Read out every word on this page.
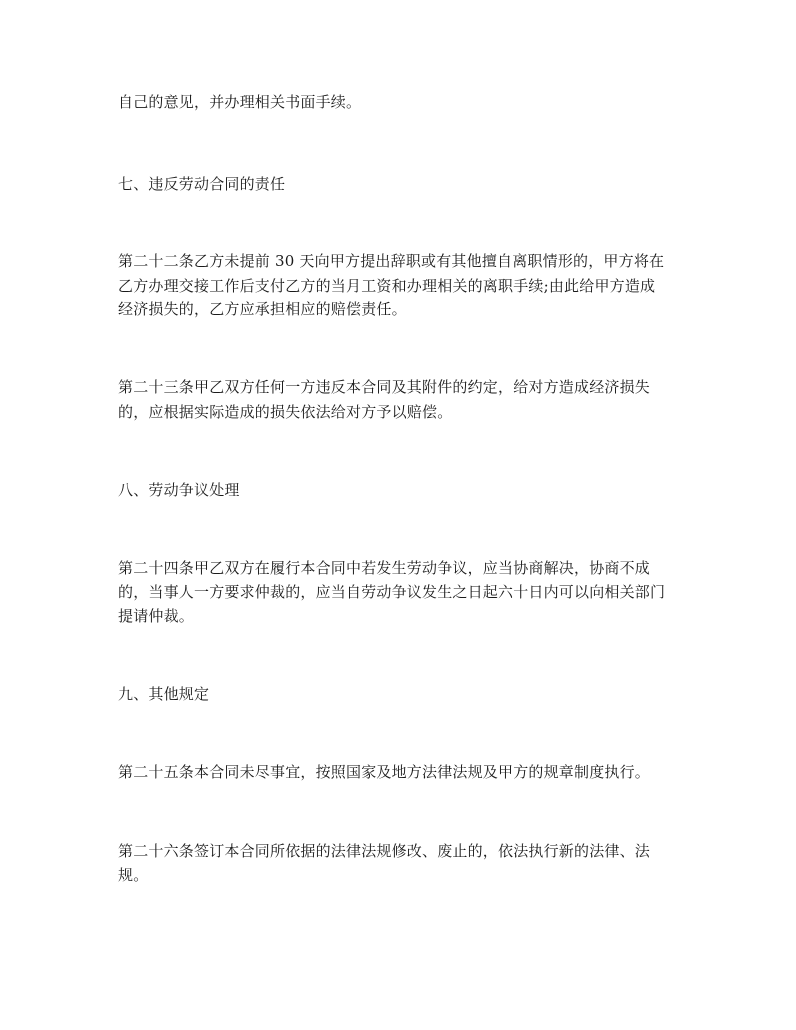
自己的意见，并办理相关书面手续。

七、违反劳动合同的责任

第二十二条乙方未提前 30 天向甲方提出辞职或有其他擅自离职情形的，甲方将在

乙方办理交接工作后支付乙方的当月工资和办理相关的离职手续;由此给甲方造成

经济损失的，乙方应承担相应的赔偿责任。

第二十三条甲乙双方任何一方违反本合同及其附件的约定，给对方造成经济损失

的，应根据实际造成的损失依法给对方予以赔偿。

八、劳动争议处理

第二十四条甲乙双方在履行本合同中若发生劳动争议，应当协商解决，协商不成

的，当事人一方要求仲裁的，应当自劳动争议发生之日起六十日内可以向相关部门

提请仲裁。

九、其他规定

第二十五条本合同未尽事宜，按照国家及地方法律法规及甲方的规章制度执行。

第二十六条签订本合同所依据的法律法规修改、废止的，依法执行新的法律、法

规。
